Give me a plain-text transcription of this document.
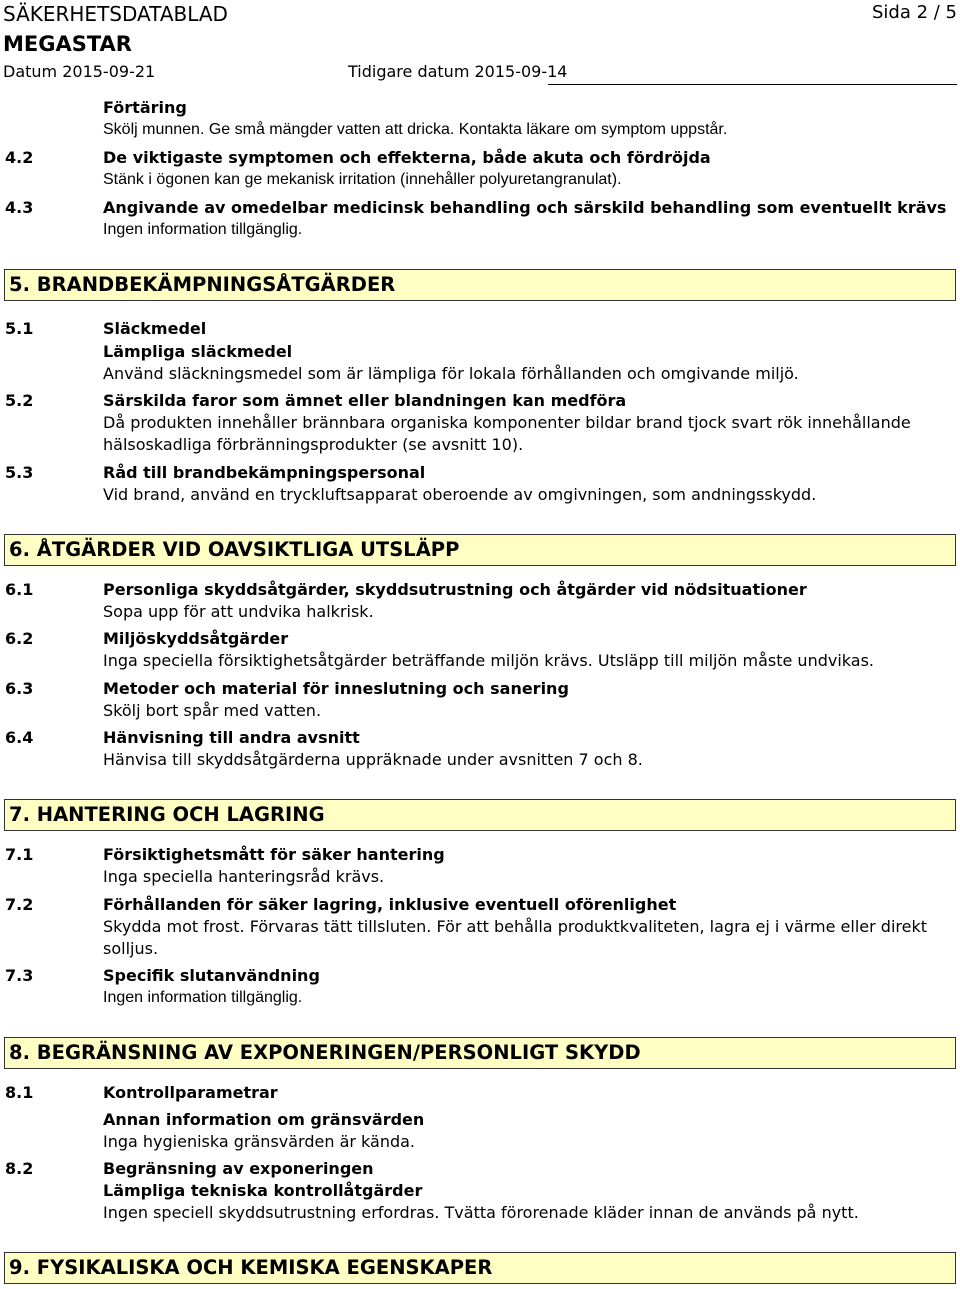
SÄKERHETSDATABLAD	Sida 2 / 5
MEGASTAR
Datum 2015-09-21	Tidigare datum 2015-09-14
Förtäring
Skölj munnen. Ge små mängder vatten att dricka. Kontakta läkare om symptom uppstår.
4.2	De viktigaste symptomen och effekterna, både akuta och fördröjda
Stänk i ögonen kan ge mekanisk irritation (innehåller polyuretangranulat).
4.3	Angivande av omedelbar medicinsk behandling och särskild behandling som eventuellt krävs
Ingen information tillgänglig.
5. BRANDBEKÄMPNINGSÅTGÄRDER
5.1	Släckmedel
Lämpliga släckmedel
Använd släckningsmedel som är lämpliga för lokala förhållanden och omgivande miljö.
5.2	Särskilda faror som ämnet eller blandningen kan medföra
Då produkten innehåller brännbara organiska komponenter bildar brand tjock svart rök innehållande
hälsoskadliga förbränningsprodukter (se avsnitt 10).
5.3	Råd till brandbekämpningspersonal
Vid brand, använd en tryckluftsapparat oberoende av omgivningen, som andningsskydd.
6. ÅTGÄRDER VID OAVSIKTLIGA UTSLÄPP
6.1	Personliga skyddsåtgärder, skyddsutrustning och åtgärder vid nödsituationer
Sopa upp för att undvika halkrisk.
6.2	Miljöskyddsåtgärder
Inga speciella försiktighetsåtgärder beträffande miljön krävs. Utsläpp till miljön måste undvikas.
6.3	Metoder och material för inneslutning och sanering
Skölj bort spår med vatten.
6.4	Hänvisning till andra avsnitt
Hänvisa till skyddsåtgärderna uppräknade under avsnitten 7 och 8.
7. HANTERING OCH LAGRING
7.1	Försiktighetsmått för säker hantering
Inga speciella hanteringsråd krävs.
7.2	Förhållanden för säker lagring, inklusive eventuell oförenlighet
Skydda mot frost. Förvaras tätt tillsluten. För att behålla produktkvaliteten, lagra ej i värme eller direkt
solljus.
7.3	Specifik slutanvändning
Ingen information tillgänglig.
8. BEGRÄNSNING AV EXPONERINGEN/PERSONLIGT SKYDD
8.1	Kontrollparametrar
Annan information om gränsvärden
Inga hygieniska gränsvärden är kända.
8.2	Begränsning av exponeringen
Lämpliga tekniska kontrollåtgärder
Ingen speciell skyddsutrustning erfordras. Tvätta förorenade kläder innan de används på nytt.
9. FYSIKALISKA OCH KEMISKA EGENSKAPER
